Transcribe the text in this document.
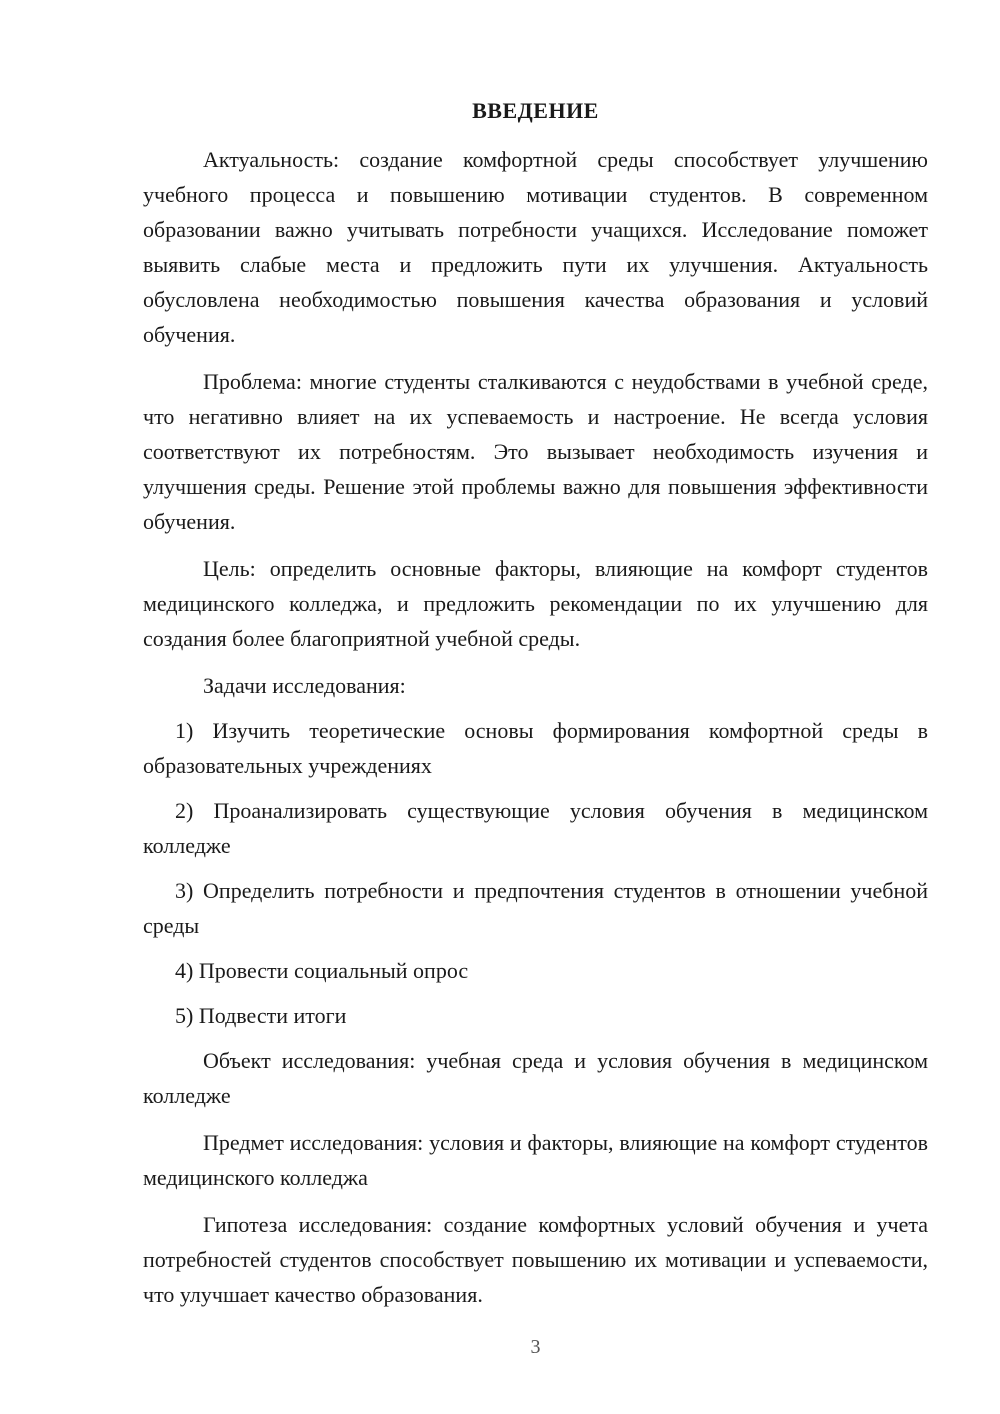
ВВЕДЕНИЕ

Актуальность: создание комфортной среды способствует улучшению учебного процесса и повышению мотивации студентов. В современном образовании важно учитывать потребности учащихся. Исследование поможет выявить слабые места и предложить пути их улучшения. Актуальность обусловлена необходимостью повышения качества образования и условий обучения.

Проблема: многие студенты сталкиваются с неудобствами в учебной среде, что негативно влияет на их успеваемость и настроение. Не всегда условия соответствуют их потребностям. Это вызывает необходимость изучения и улучшения среды. Решение этой проблемы важно для повышения эффективности обучения.

Цель: определить основные факторы, влияющие на комфорт студентов медицинского колледжа, и предложить рекомендации по их улучшению для создания более благоприятной учебной среды.

Задачи исследования:

1) Изучить теоретические основы формирования комфортной среды в образовательных учреждениях

2) Проанализировать существующие условия обучения в медицинском колледже

3) Определить потребности и предпочтения студентов в отношении учебной среды

4) Провести социальный опрос

5) Подвести итоги

Объект исследования: учебная среда и условия обучения в медицинском колледже

Предмет исследования: условия и факторы, влияющие на комфорт студентов медицинского колледжа

Гипотеза исследования: создание комфортных условий обучения и учета потребностей студентов способствует повышению их мотивации и успеваемости, что улучшает качество образования.

3
